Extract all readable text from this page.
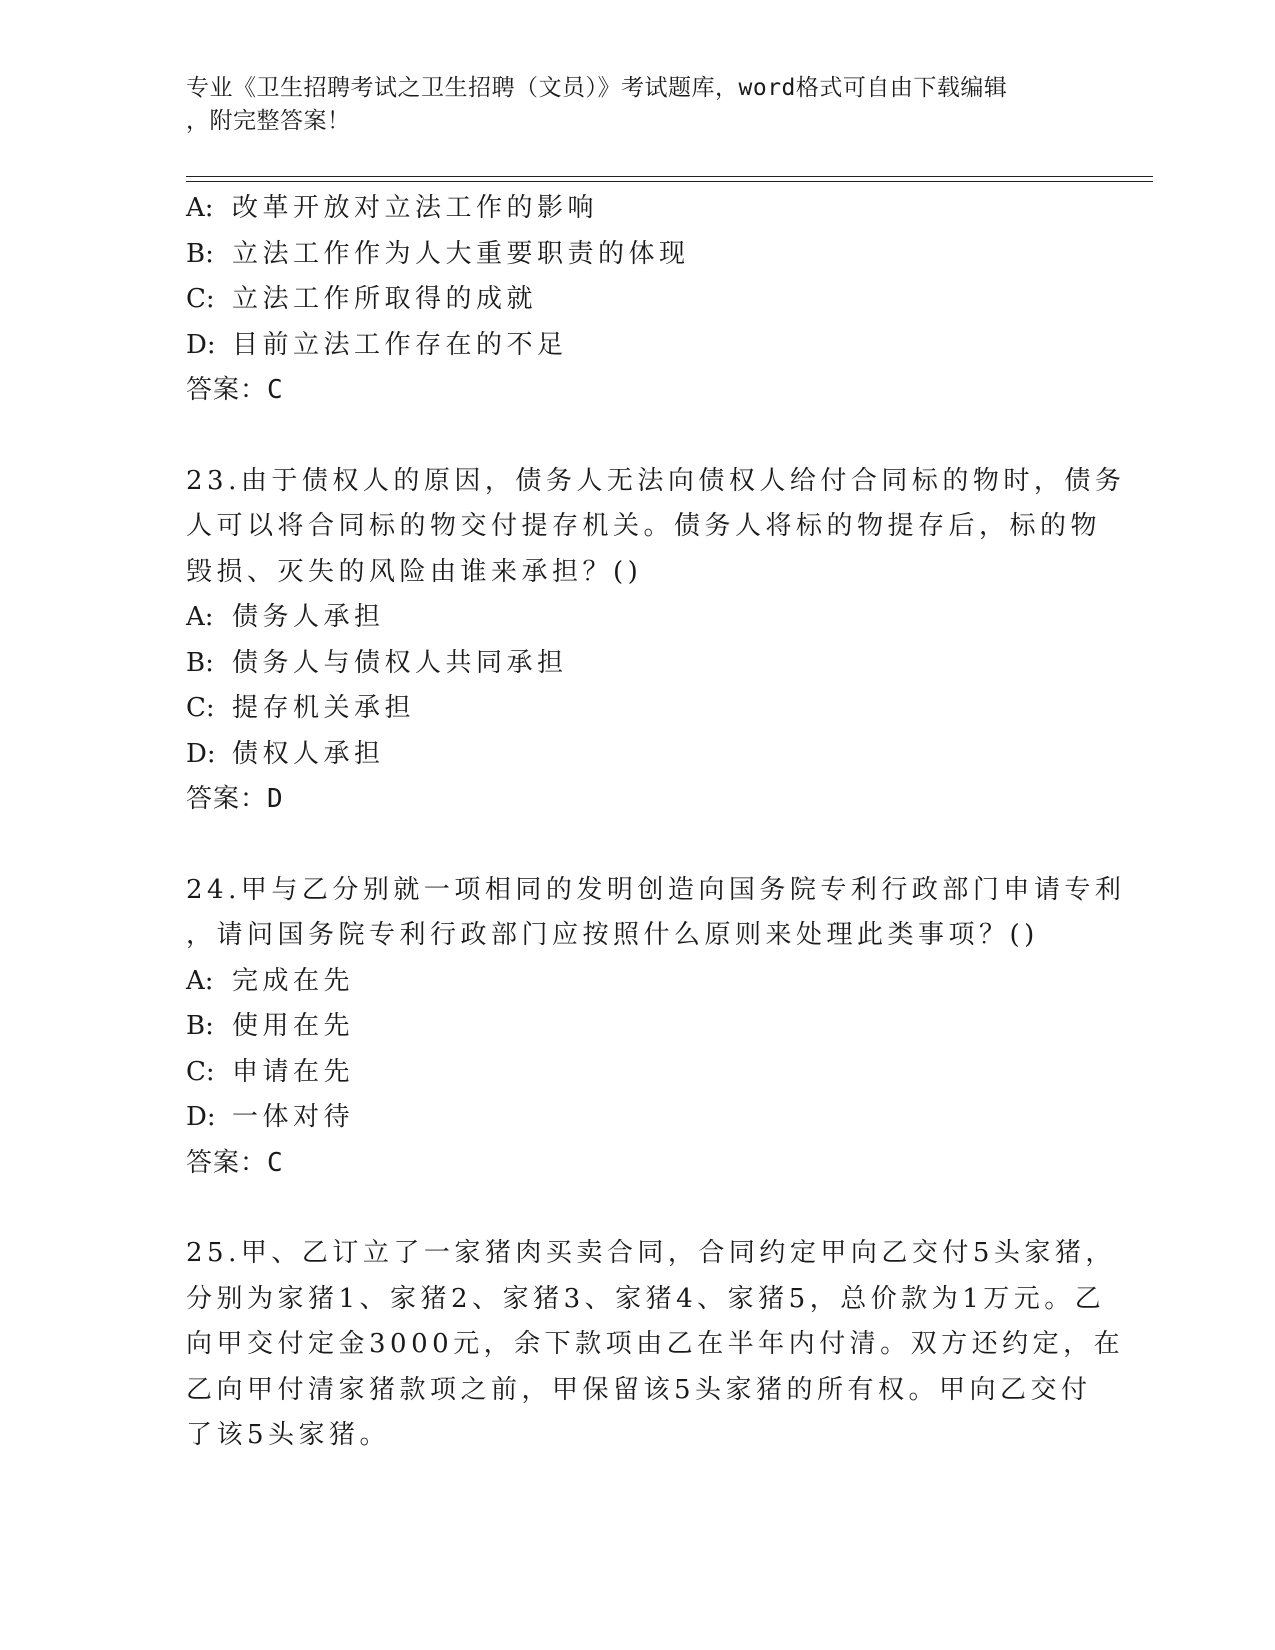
专业《卫生招聘考试之卫生招聘（文员）》考试题库，word格式可自由下载编辑
，附完整答案！

A: 改革开放对立法工作的影响

B: 立法工作作为人大重要职责的体现

C: 立法工作所取得的成就

D: 目前立法工作存在的不足

答案：C

23.由于债权人的原因，债务人无法向债权人给付合同标的物时，债务

人可以将合同标的物交付提存机关。债务人将标的物提存后，标的物

毁损、灭失的风险由谁来承担？()

A: 债务人承担

B: 债务人与债权人共同承担

C: 提存机关承担

D: 债权人承担

答案：D

24.甲与乙分别就一项相同的发明创造向国务院专利行政部门申请专利

，请问国务院专利行政部门应按照什么原则来处理此类事项？()

A: 完成在先

B: 使用在先

C: 申请在先

D: 一体对待

答案：C

25.甲、乙订立了一家猪肉买卖合同，合同约定甲向乙交付5头家猪，

分别为家猪1、家猪2、家猪3、家猪4、家猪5，总价款为1万元。乙

向甲交付定金3000元，余下款项由乙在半年内付清。双方还约定，在

乙向甲付清家猪款项之前，甲保留该5头家猪的所有权。甲向乙交付

了该5头家猪。
